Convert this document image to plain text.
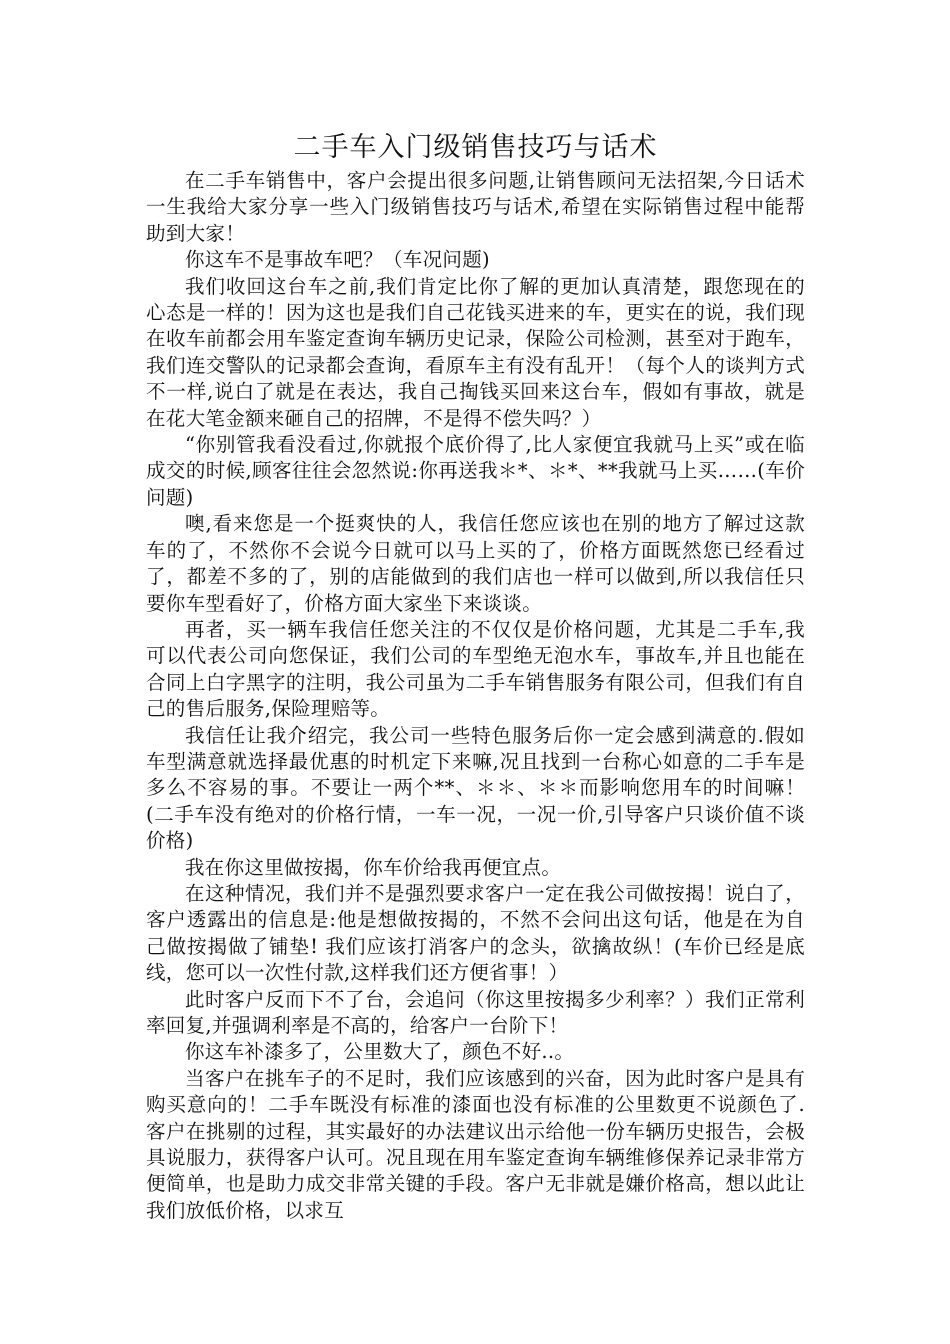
二手车入门级销售技巧与话术

在二手车销售中，客户会提出很多问题,让销售顾问无法招架,今日话术一生我给大家分享一些入门级销售技巧与话术,希望在实际销售过程中能帮助到大家！

你这车不是事故车吧？（车况问题)

我们收回这台车之前,我们肯定比你了解的更加认真清楚，跟您现在的心态是一样的！因为这也是我们自己花钱买进来的车，更实在的说，我们现在收车前都会用车鉴定查询车辆历史记录，保险公司检测，甚至对于跑车，我们连交警队的记录都会查询，看原车主有没有乱开！（每个人的谈判方式不一样,说白了就是在表达，我自己掏钱买回来这台车，假如有事故，就是在花大笔金额来砸自己的招牌，不是得不偿失吗？）

“你别管我看没看过,你就报个底价得了,比人家便宜我就马上买”或在临成交的时候,顾客往往会忽然说:你再送我＊*、＊*、**我就马上买……(车价问题)

噢,看来您是一个挺爽快的人，我信任您应该也在别的地方了解过这款车的了，不然你不会说今日就可以马上买的了，价格方面既然您已经看过了，都差不多的了，别的店能做到的我们店也一样可以做到,所以我信任只要你车型看好了，价格方面大家坐下来谈谈。

再者，买一辆车我信任您关注的不仅仅是价格问题，尤其是二手车,我可以代表公司向您保证，我们公司的车型绝无泡水车，事故车,并且也能在合同上白字黑字的注明，我公司虽为二手车销售服务有限公司，但我们有自己的售后服务,保险理赔等。

我信任让我介绍完，我公司一些特色服务后你一定会感到满意的.假如车型满意就选择最优惠的时机定下来嘛,况且找到一台称心如意的二手车是多么不容易的事。不要让一两个**、＊＊、＊＊而影响您用车的时间嘛！(二手车没有绝对的价格行情，一车一况，一况一价,引导客户只谈价值不谈价格)

我在你这里做按揭，你车价给我再便宜点。

在这种情况，我们并不是强烈要求客户一定在我公司做按揭！说白了，客户透露出的信息是:他是想做按揭的，不然不会问出这句话，他是在为自己做按揭做了铺垫! 我们应该打消客户的念头，欲擒故纵！(车价已经是底线，您可以一次性付款,这样我们还方便省事！）

此时客户反而下不了台，会追问（你这里按揭多少利率？）我们正常利率回复,并强调利率是不高的，给客户一台阶下！

你这车补漆多了，公里数大了，颜色不好..。

当客户在挑车子的不足时，我们应该感到的兴奋，因为此时客户是具有购买意向的！二手车既没有标准的漆面也没有标准的公里数更不说颜色了.客户在挑剔的过程，其实最好的办法建议出示给他一份车辆历史报告，会极具说服力，获得客户认可。况且现在用车鉴定查询车辆维修保养记录非常方便简单，也是助力成交非常关键的手段。客户无非就是嫌价格高，想以此让我们放低价格，以求互
